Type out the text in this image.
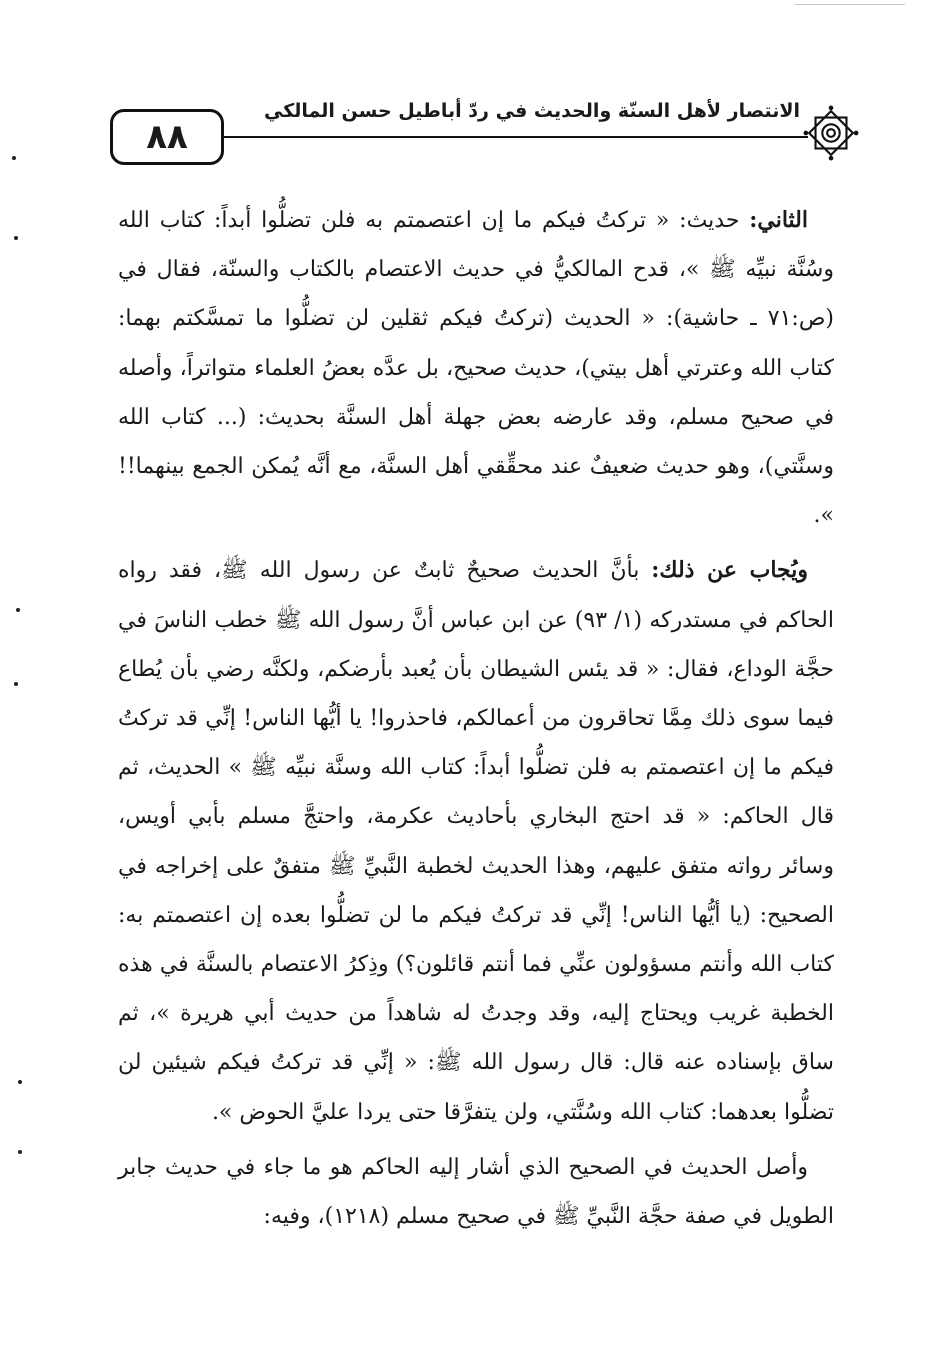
٨٨
الانتصار لأهل السنّة والحديث في ردّ أباطيل حسن المالكي

الثاني: حديث: « تركتُ فيكم ما إن اعتصمتم به فلن تضلُّوا أبداً: كتاب الله وسُنَّة نبيِّه ﷺ »، قدح المالكيُّ في حديث الاعتصام بالكتاب والسنّة، فقال في (ص:٧١ ـ حاشية): « الحديث (تركتُ فيكم ثقلين لن تضلُّوا ما تمسَّكتم بهما: كتاب الله وعترتي أهل بيتي)، حديث صحيح، بل عدَّه بعضُ العلماء متواتراً، وأصله في صحيح مسلم، وقد عارضه بعض جهلة أهل السنَّة بحديث: (... كتاب الله وسنَّتي)، وهو حديث ضعيفٌ عند محقِّقي أهل السنَّة، مع أنَّه يُمكن الجمع بينهما!! ».

ويُجاب عن ذلك: بأنَّ الحديث صحيحٌ ثابتٌ عن رسول الله ﷺ، فقد رواه الحاكم في مستدركه (١/ ٩٣) عن ابن عباس أنَّ رسول الله ﷺ خطب الناسَ في حجَّة الوداع، فقال: « قد يئس الشيطان بأن يُعبد بأرضكم، ولكنَّه رضي بأن يُطاع فيما سوى ذلك مِمَّا تحاقرون من أعمالكم، فاحذروا! يا أيُّها الناس! إنِّي قد تركتُ فيكم ما إن اعتصمتم به فلن تضلُّوا أبداً: كتاب الله وسنَّة نبيِّه ﷺ » الحديث، ثم قال الحاكم: « قد احتج البخاري بأحاديث عكرمة، واحتجَّ مسلم بأبي أويس، وسائر رواته متفق عليهم، وهذا الحديث لخطبة النَّبيِّ ﷺ متفقٌ على إخراجه في الصحيح: (يا أيُّها الناس! إنِّي قد تركتُ فيكم ما لن تضلُّوا بعده إن اعتصمتم به: كتاب الله وأنتم مسؤولون عنِّي فما أنتم قائلون؟) وذِكرُ الاعتصام بالسنَّة في هذه الخطبة غريب ويحتاج إليه، وقد وجدتُ له شاهداً من حديث أبي هريرة »، ثم ساق بإسناده عنه قال: قال رسول الله ﷺ: « إنِّي قد تركتُ فيكم شيئين لن تضلُّوا بعدهما: كتاب الله وسُنَّتي، ولن يتفرَّقا حتى يردا عليَّ الحوض ».

وأصل الحديث في الصحيح الذي أشار إليه الحاكم هو ما جاء في حديث جابر الطويل في صفة حجَّة النَّبيِّ ﷺ في صحيح مسلم (١٢١٨)، وفيه:
